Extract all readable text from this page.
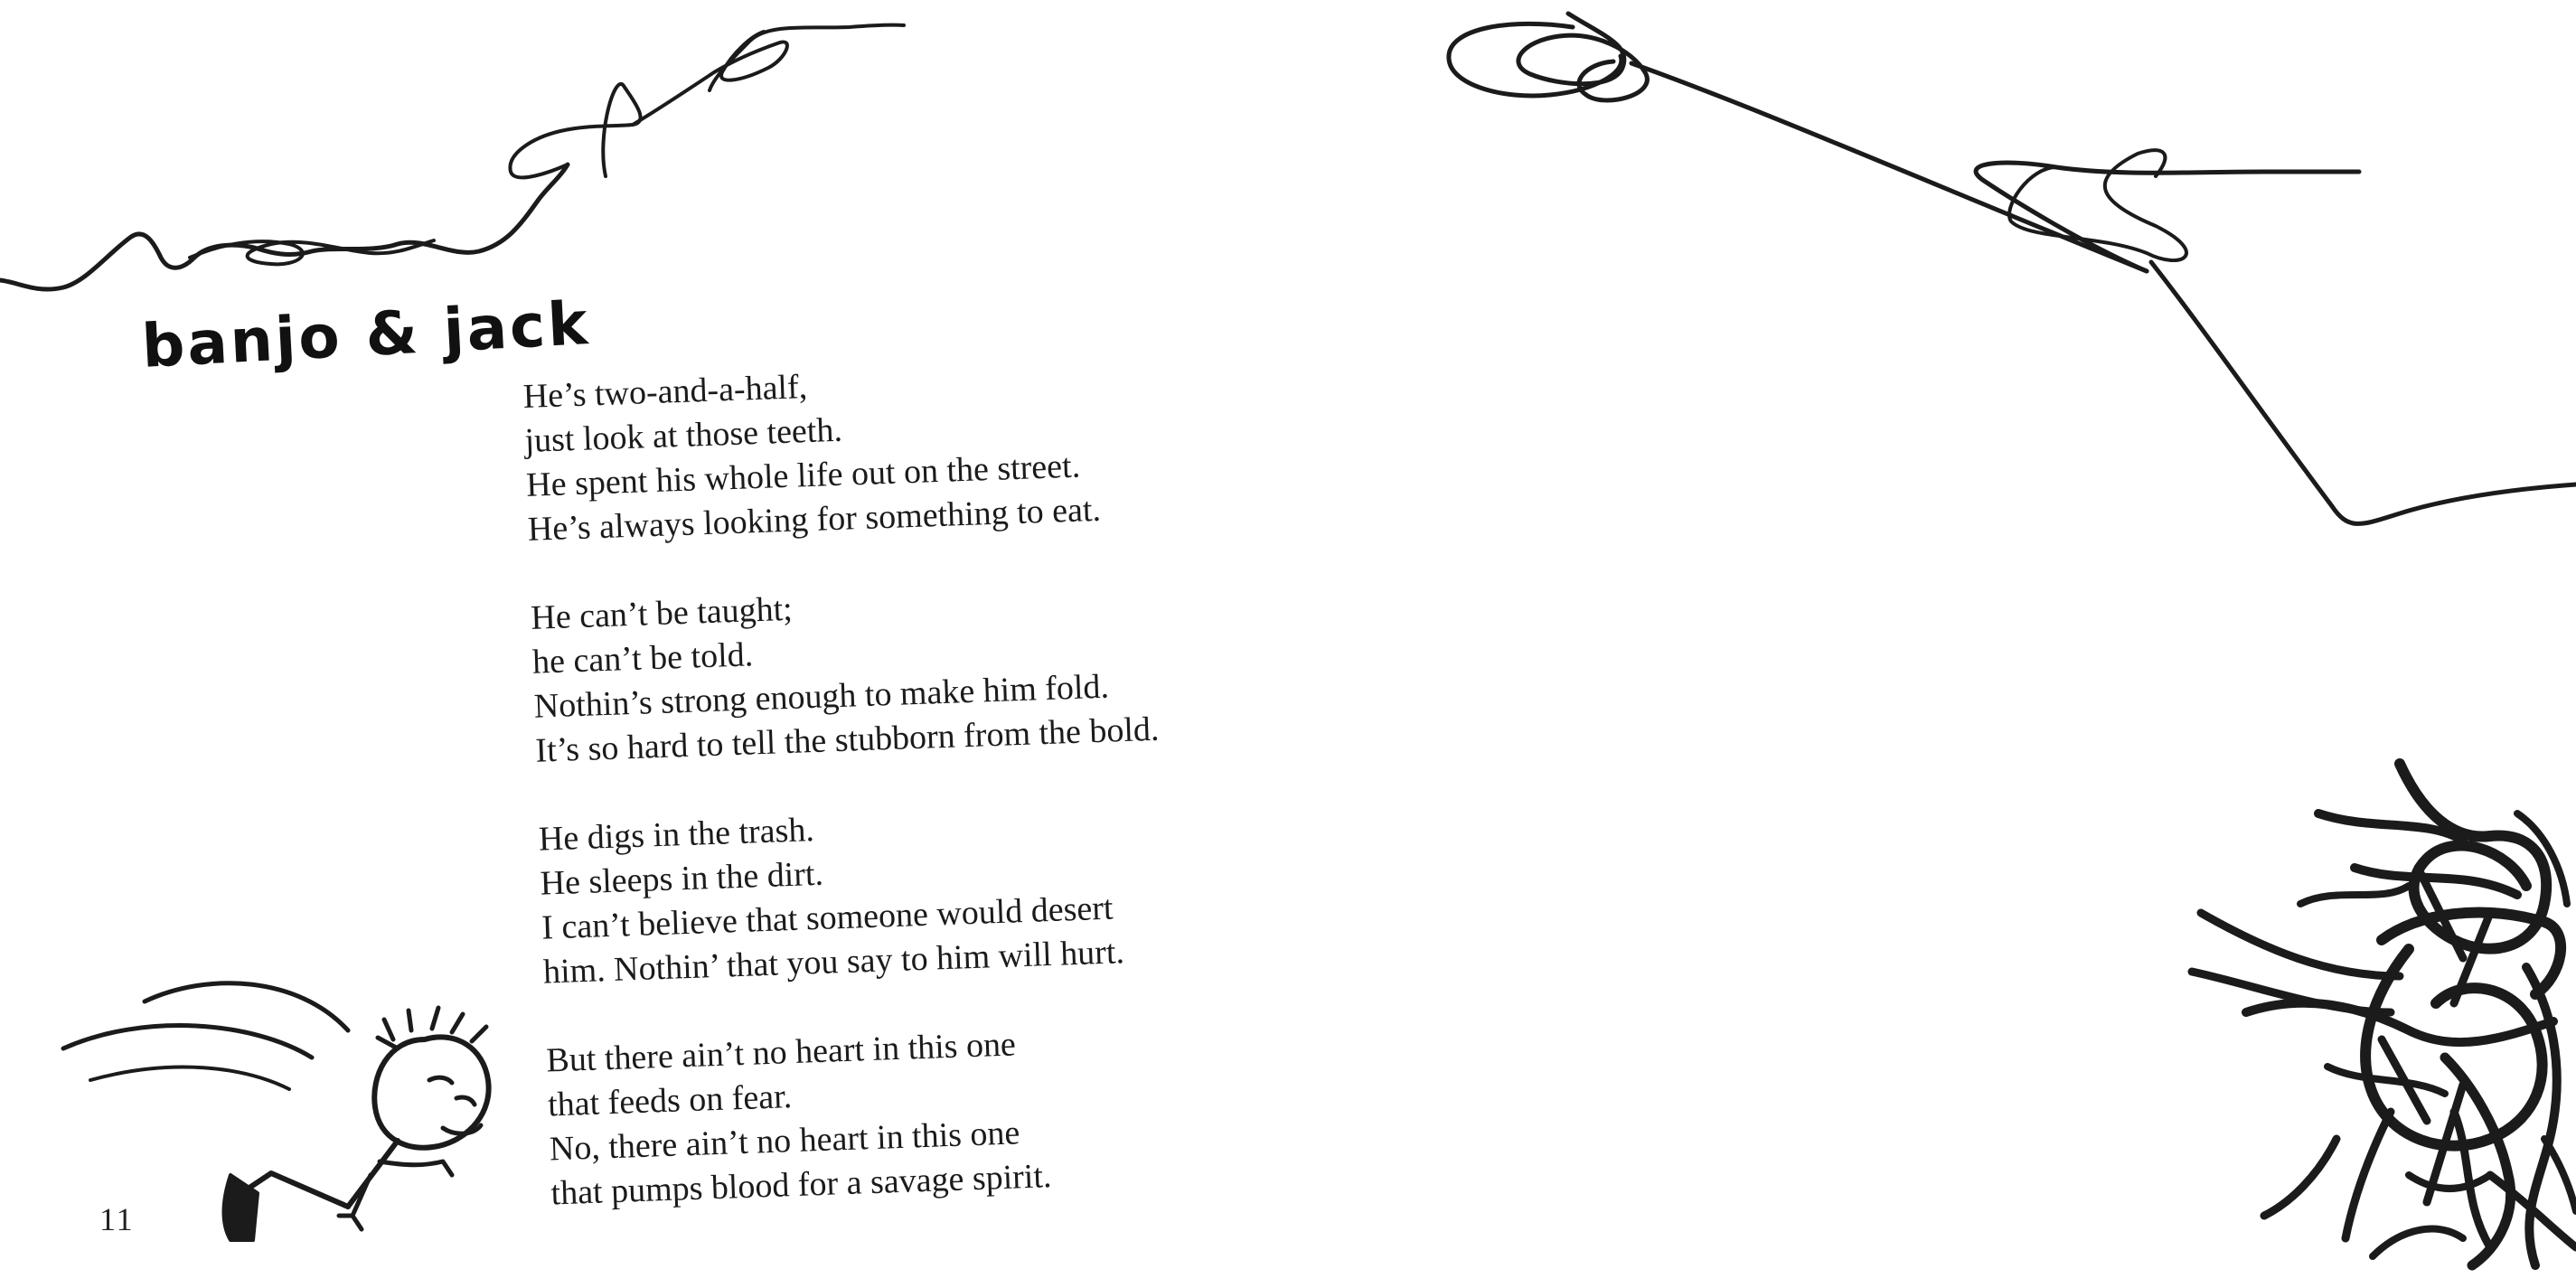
banjo & jack

He’s two-and-a-half,
just look at those teeth.
He spent his whole life out on the street.
He’s always looking for something to eat.

He can’t be taught;
he can’t be told.
Nothin’s strong enough to make him fold.
It’s so hard to tell the stubborn from the bold.

He digs in the trash.
He sleeps in the dirt.
I can’t believe that someone would desert
him. Nothin’ that you say to him will hurt.

But there ain’t no heart in this one
that feeds on fear.
No, there ain’t no heart in this one
that pumps blood for a savage spirit.

11
